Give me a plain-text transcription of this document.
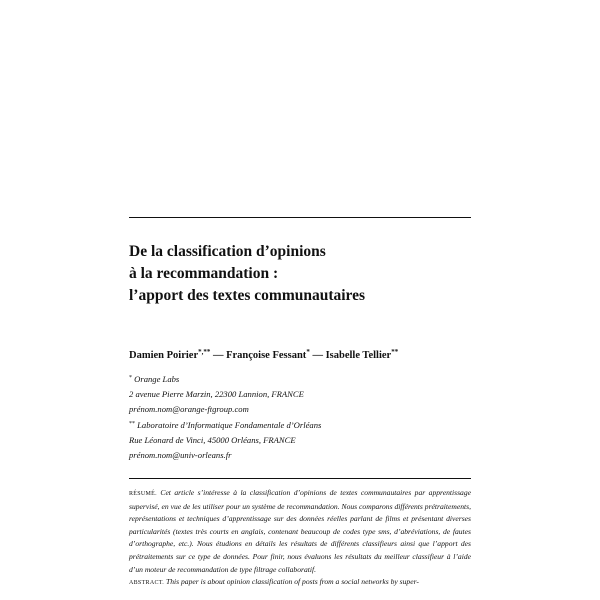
De la classification d’opinions
à la recommandation :
l’apport des textes communautaires
Damien Poirier*,** — Françoise Fessant* — Isabelle Tellier**
* Orange Labs
2 avenue Pierre Marzin, 22300 Lannion, FRANCE
prénom.nom@orange-ftgroup.com
** Laboratoire d’Informatique Fondamentale d’Orléans
Rue Léonard de Vinci, 45000 Orléans, FRANCE
prénom.nom@univ-orleans.fr
RÉSUMÉ. Cet article s’intéresse à la classification d’opinions de textes communautaires par apprentissage supervisé, en vue de les utiliser pour un système de recommandation. Nous comparons différents prétraitements, représentations et techniques d’apprentissage sur des données réelles parlant de films et présentant diverses particularités (textes très courts en anglais, contenant beaucoup de codes type sms, d’abréviations, de fautes d’orthographe, etc.). Nous étudions en détails les résultats de différents classifieurs ainsi que l’apport des prétraitements sur ce type de données. Pour finir, nous évaluons les résultats du meilleur classifieur à l’aide d’un moteur de recommandation de type filtrage collaboratif.
ABSTRACT. This paper is about opinion classification of posts from a social networks by super-
